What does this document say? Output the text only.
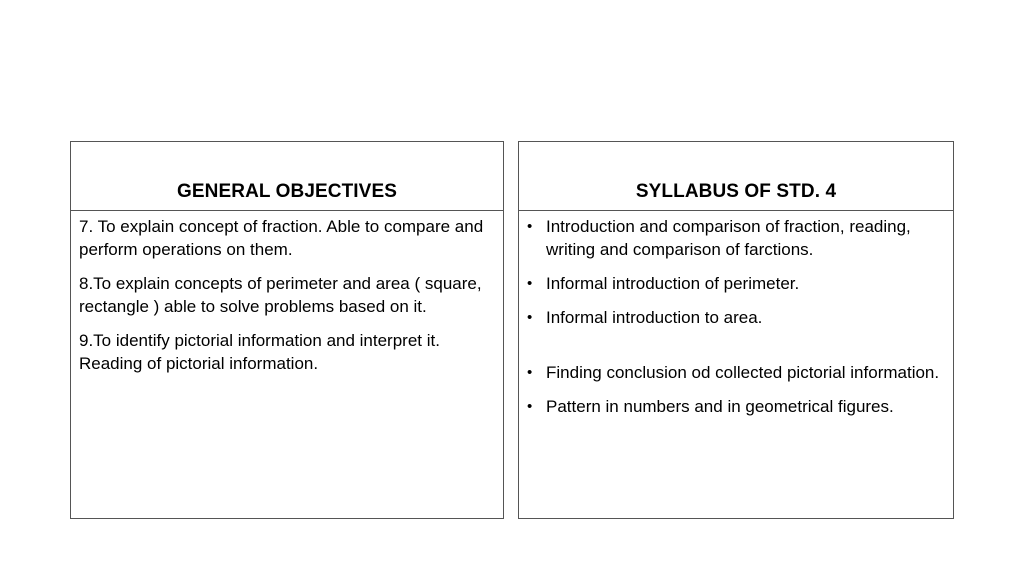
GENERAL OBJECTIVES

7. To explain concept of fraction. Able to compare and perform operations on them.

8.To explain concepts of perimeter and area ( square, rectangle ) able to solve problems based on it.

9.To identify pictorial information and interpret it. Reading of pictorial information.

SYLLABUS OF STD. 4
• Introduction and comparison of fraction, reading, writing and comparison of farctions.
• Informal introduction of perimeter.
• Informal introduction to area.
• Finding conclusion od collected pictorial information.
• Pattern in numbers and in geometrical figures.
